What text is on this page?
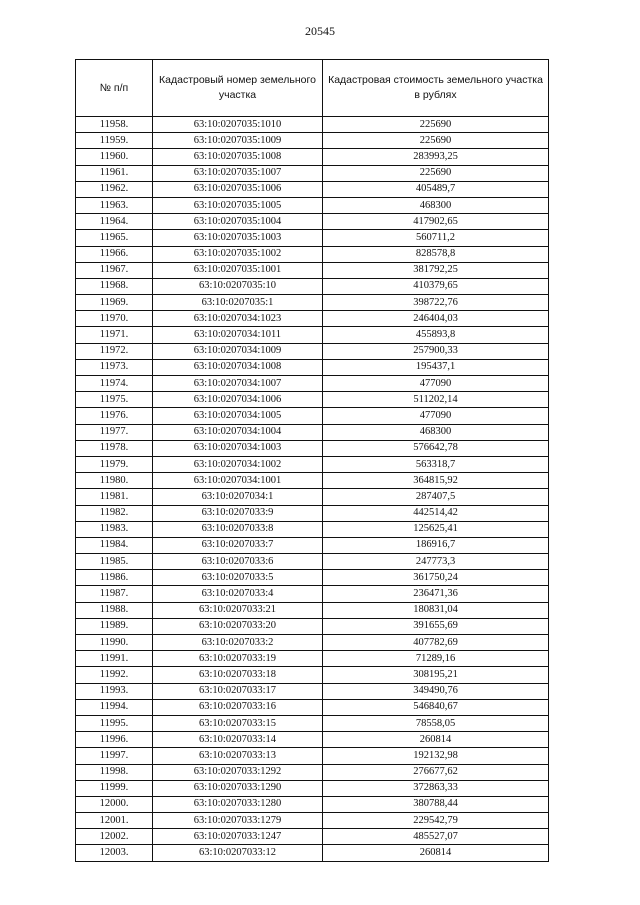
20545
№ п/п	Кадастровый номер земельного участка	Кадастровая стоимость земельного участка в рублях
11958.	63:10:0207035:1010	225690
11959.	63:10:0207035:1009	225690
11960.	63:10:0207035:1008	283993,25
11961.	63:10:0207035:1007	225690
11962.	63:10:0207035:1006	405489,7
11963.	63:10:0207035:1005	468300
11964.	63:10:0207035:1004	417902,65
11965.	63:10:0207035:1003	560711,2
11966.	63:10:0207035:1002	828578,8
11967.	63:10:0207035:1001	381792,25
11968.	63:10:0207035:10	410379,65
11969.	63:10:0207035:1	398722,76
11970.	63:10:0207034:1023	246404,03
11971.	63:10:0207034:1011	455893,8
11972.	63:10:0207034:1009	257900,33
11973.	63:10:0207034:1008	195437,1
11974.	63:10:0207034:1007	477090
11975.	63:10:0207034:1006	511202,14
11976.	63:10:0207034:1005	477090
11977.	63:10:0207034:1004	468300
11978.	63:10:0207034:1003	576642,78
11979.	63:10:0207034:1002	563318,7
11980.	63:10:0207034:1001	364815,92
11981.	63:10:0207034:1	287407,5
11982.	63:10:0207033:9	442514,42
11983.	63:10:0207033:8	125625,41
11984.	63:10:0207033:7	186916,7
11985.	63:10:0207033:6	247773,3
11986.	63:10:0207033:5	361750,24
11987.	63:10:0207033:4	236471,36
11988.	63:10:0207033:21	180831,04
11989.	63:10:0207033:20	391655,69
11990.	63:10:0207033:2	407782,69
11991.	63:10:0207033:19	71289,16
11992.	63:10:0207033:18	308195,21
11993.	63:10:0207033:17	349490,76
11994.	63:10:0207033:16	546840,67
11995.	63:10:0207033:15	78558,05
11996.	63:10:0207033:14	260814
11997.	63:10:0207033:13	192132,98
11998.	63:10:0207033:1292	276677,62
11999.	63:10:0207033:1290	372863,33
12000.	63:10:0207033:1280	380788,44
12001.	63:10:0207033:1279	229542,79
12002.	63:10:0207033:1247	485527,07
12003.	63:10:0207033:12	260814
